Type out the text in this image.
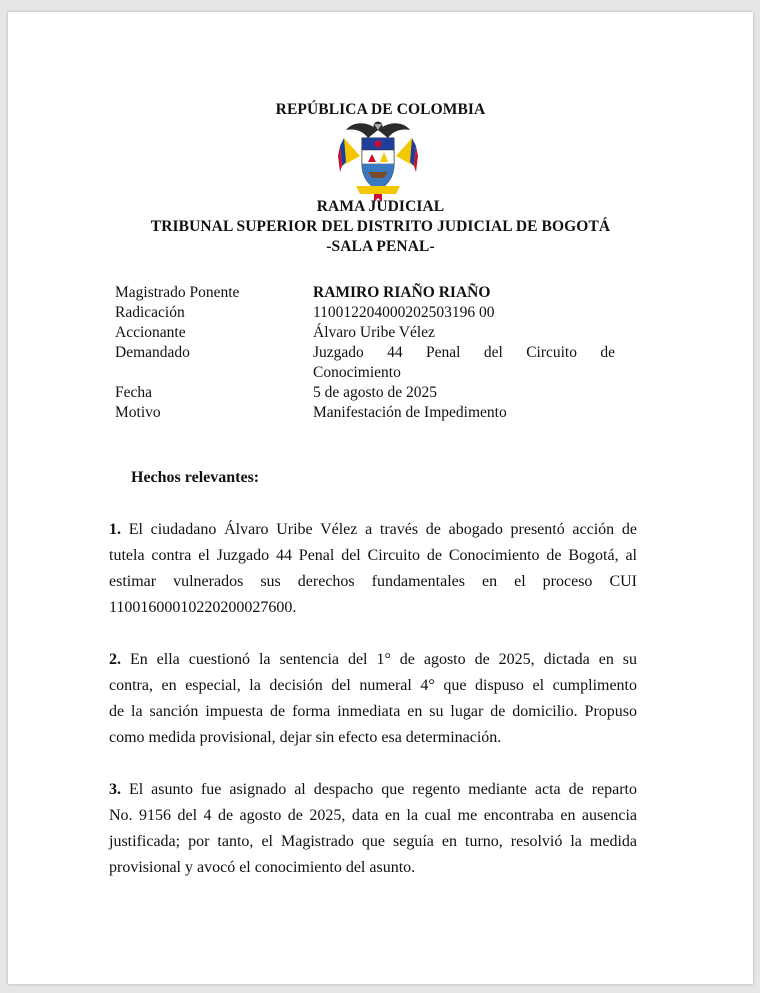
REPÚBLICA DE COLOMBIA
RAMA JUDICIAL
TRIBUNAL SUPERIOR DEL DISTRITO JUDICIAL DE BOGOTÁ
-SALA PENAL-
Magistrado Ponente	RAMIRO RIAÑO RIAÑO
Radicación	110012204000202503196 00
Accionante	Álvaro Uribe Vélez
Demandado	Juzgado 44 Penal del Circuito de
Conocimiento
Fecha	5 de agosto de 2025
Motivo	Manifestación de Impedimento
Hechos relevantes:
1. El ciudadano Álvaro Uribe Vélez a través de abogado presentó acción de
tutela contra el Juzgado 44 Penal del Circuito de Conocimiento de Bogotá, al
estimar vulnerados sus derechos fundamentales en el proceso CUI
11001600010220200027600.
2. En ella cuestionó la sentencia del 1° de agosto de 2025, dictada en su
contra, en especial, la decisión del numeral 4° que dispuso el cumplimento
de la sanción impuesta de forma inmediata en su lugar de domicilio. Propuso
como medida provisional, dejar sin efecto esa determinación.
3. El asunto fue asignado al despacho que regento mediante acta de reparto
No. 9156 del 4 de agosto de 2025, data en la cual me encontraba en ausencia
justificada; por tanto, el Magistrado que seguía en turno, resolvió la medida
provisional y avocó el conocimiento del asunto.
